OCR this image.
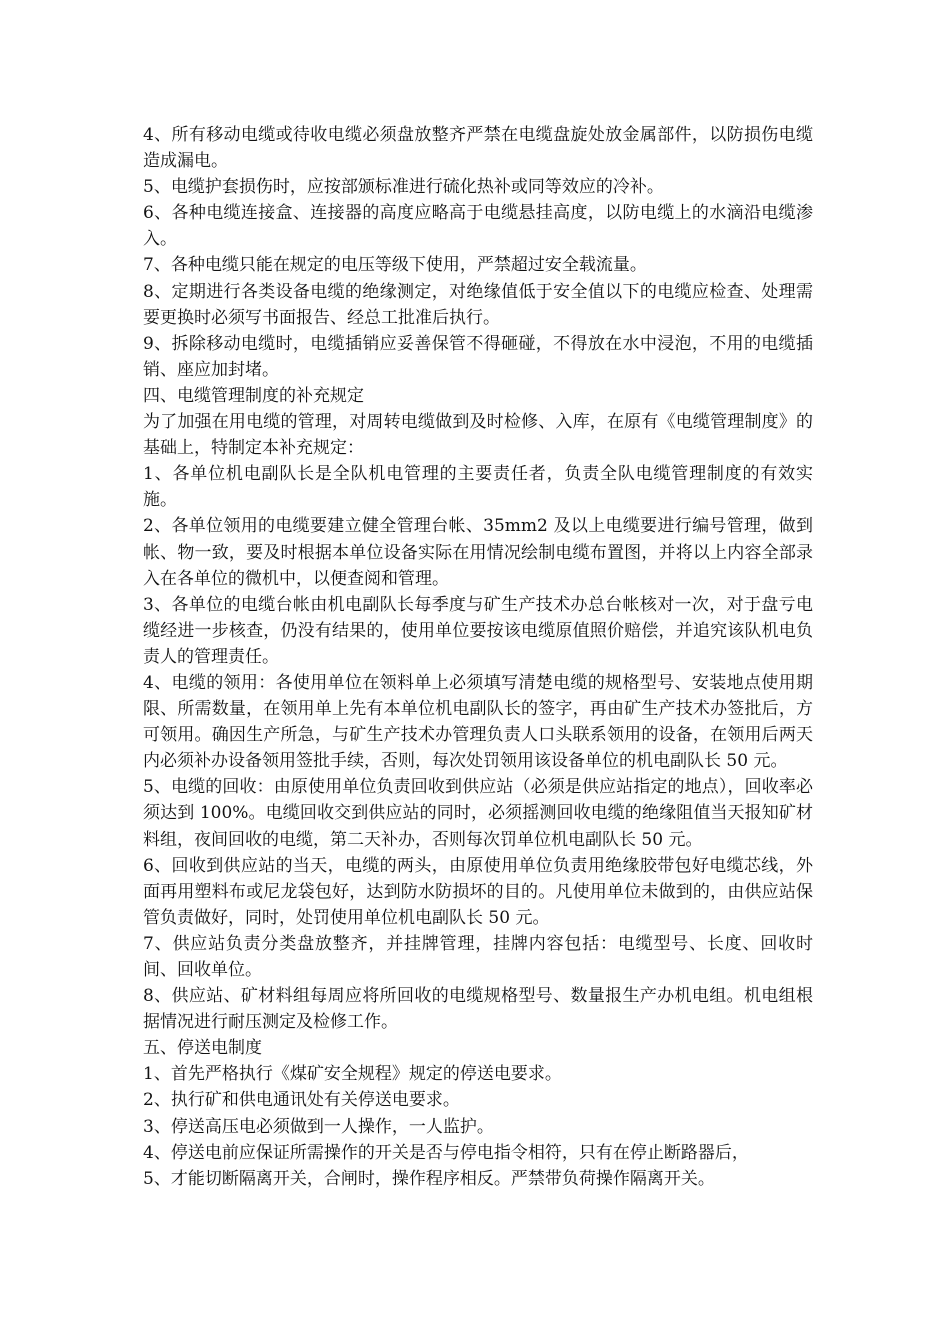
4、所有移动电缆或待收电缆必须盘放整齐严禁在电缆盘旋处放金属部件，以防损伤电缆造成漏电。

5、电缆护套损伤时，应按部颁标准进行硫化热补或同等效应的冷补。

6、各种电缆连接盒、连接器的高度应略高于电缆悬挂高度，以防电缆上的水滴沿电缆渗入。

7、各种电缆只能在规定的电压等级下使用，严禁超过安全载流量。

8、定期进行各类设备电缆的绝缘测定，对绝缘值低于安全值以下的电缆应检查、处理需要更换时必须写书面报告、经总工批准后执行。

9、拆除移动电缆时，电缆插销应妥善保管不得砸碰，不得放在水中浸泡，不用的电缆插销、座应加封堵。

四、电缆管理制度的补充规定

为了加强在用电缆的管理，对周转电缆做到及时检修、入库，在原有《电缆管理制度》的基础上，特制定本补充规定：

1、各单位机电副队长是全队机电管理的主要责任者，负责全队电缆管理制度的有效实施。

2、各单位领用的电缆要建立健全管理台帐、35mm2 及以上电缆要进行编号管理，做到帐、物一致，要及时根据本单位设备实际在用情况绘制电缆布置图，并将以上内容全部录入在各单位的微机中，以便查阅和管理。

3、各单位的电缆台帐由机电副队长每季度与矿生产技术办总台帐核对一次，对于盘亏电缆经进一步核查，仍没有结果的，使用单位要按该电缆原值照价赔偿，并追究该队机电负责人的管理责任。

4、电缆的领用：各使用单位在领料单上必须填写清楚电缆的规格型号、安装地点使用期限、所需数量，在领用单上先有本单位机电副队长的签字，再由矿生产技术办签批后，方可领用。确因生产所急，与矿生产技术办管理负责人口头联系领用的设备，在领用后两天内必须补办设备领用签批手续，否则，每次处罚领用该设备单位的机电副队长 50 元。

5、电缆的回收：由原使用单位负责回收到供应站（必须是供应站指定的地点），回收率必须达到 100%。电缆回收交到供应站的同时，必须摇测回收电缆的绝缘阻值当天报知矿材料组，夜间回收的电缆，第二天补办，否则每次罚单位机电副队长 50 元。

6、回收到供应站的当天，电缆的两头，由原使用单位负责用绝缘胶带包好电缆芯线，外面再用塑料布或尼龙袋包好，达到防水防损坏的目的。凡使用单位未做到的，由供应站保管负责做好，同时，处罚使用单位机电副队长 50 元。

7、供应站负责分类盘放整齐，并挂牌管理，挂牌内容包括：电缆型号、长度、回收时间、回收单位。

8、供应站、矿材料组每周应将所回收的电缆规格型号、数量报生产办机电组。机电组根据情况进行耐压测定及检修工作。

五、停送电制度

1、首先严格执行《煤矿安全规程》规定的停送电要求。

2、执行矿和供电通讯处有关停送电要求。

3、停送高压电必须做到一人操作，一人监护。

4、停送电前应保证所需操作的开关是否与停电指令相符，只有在停止断路器后，

5、才能切断隔离开关，合闸时，操作程序相反。严禁带负荷操作隔离开关。
